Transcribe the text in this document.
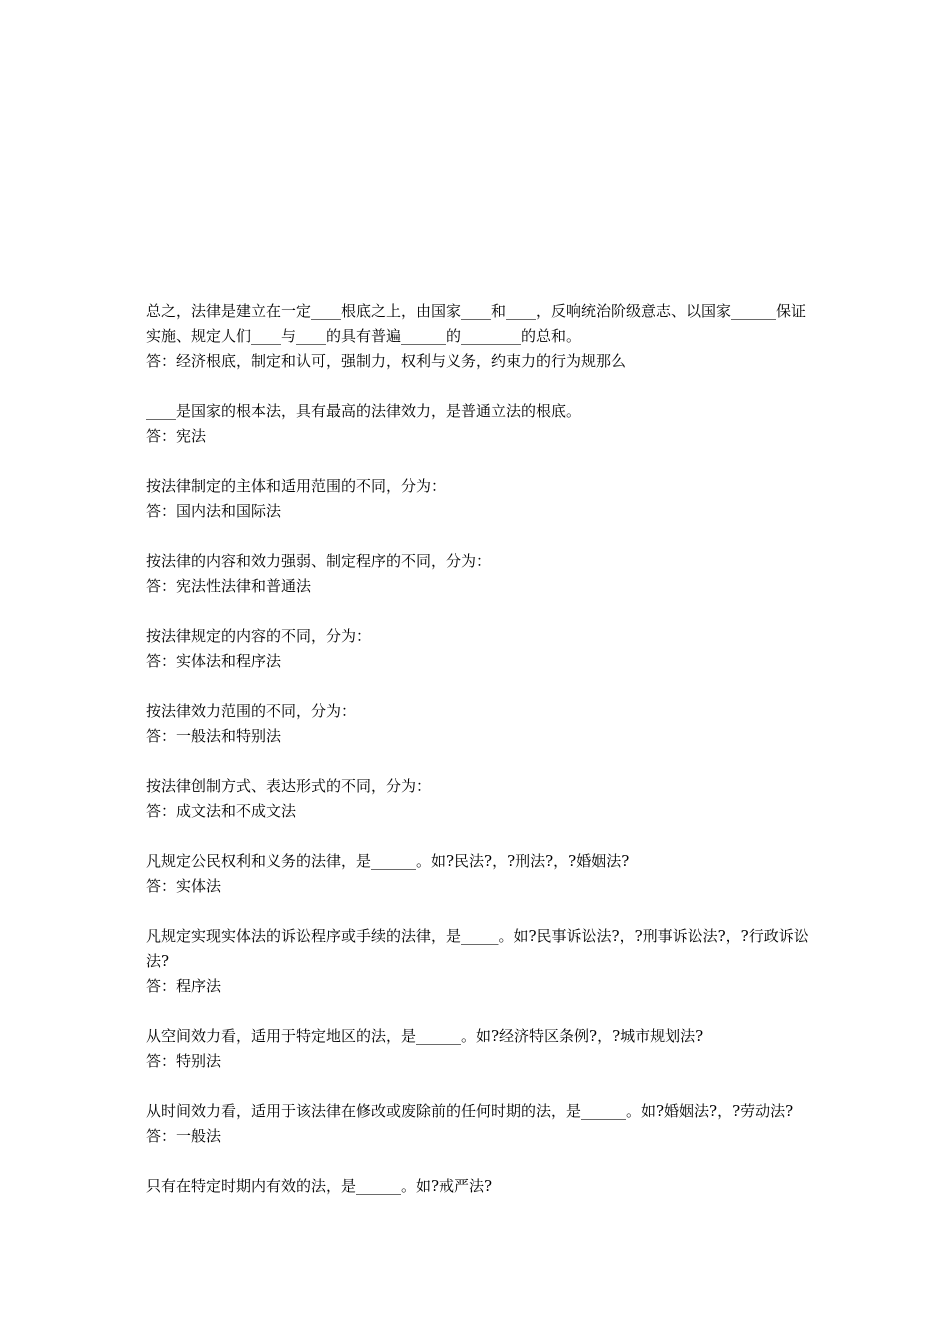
总之，法律是建立在一定____根底之上，由国家____和____，反响统治阶级意志、以国家______保证实施、规定人们____与____的具有普遍______的________的总和。

答：经济根底，制定和认可，强制力，权利与义务，约束力的行为规那么

____是国家的根本法，具有最高的法律效力，是普通立法的根底。

答：宪法

按法律制定的主体和适用范围的不同，分为：

答：国内法和国际法

按法律的内容和效力强弱、制定程序的不同，分为：

答：宪法性法律和普通法

按法律规定的内容的不同，分为：

答：实体法和程序法

按法律效力范围的不同，分为：

答：一般法和特别法

按法律创制方式、表达形式的不同，分为：

答：成文法和不成文法

凡规定公民权利和义务的法律，是______。如?民法?，?刑法?，?婚姻法?

答：实体法

凡规定实现实体法的诉讼程序或手续的法律，是_____。如?民事诉讼法?，?刑事诉讼法?，?行政诉讼法?

答：程序法

从空间效力看，适用于特定地区的法，是______。如?经济特区条例?，?城市规划法?

答：特别法

从时间效力看，适用于该法律在修改或废除前的任何时期的法，是______。如?婚姻法?，?劳动法?

答：一般法

只有在特定时期内有效的法，是______。如?戒严法?
